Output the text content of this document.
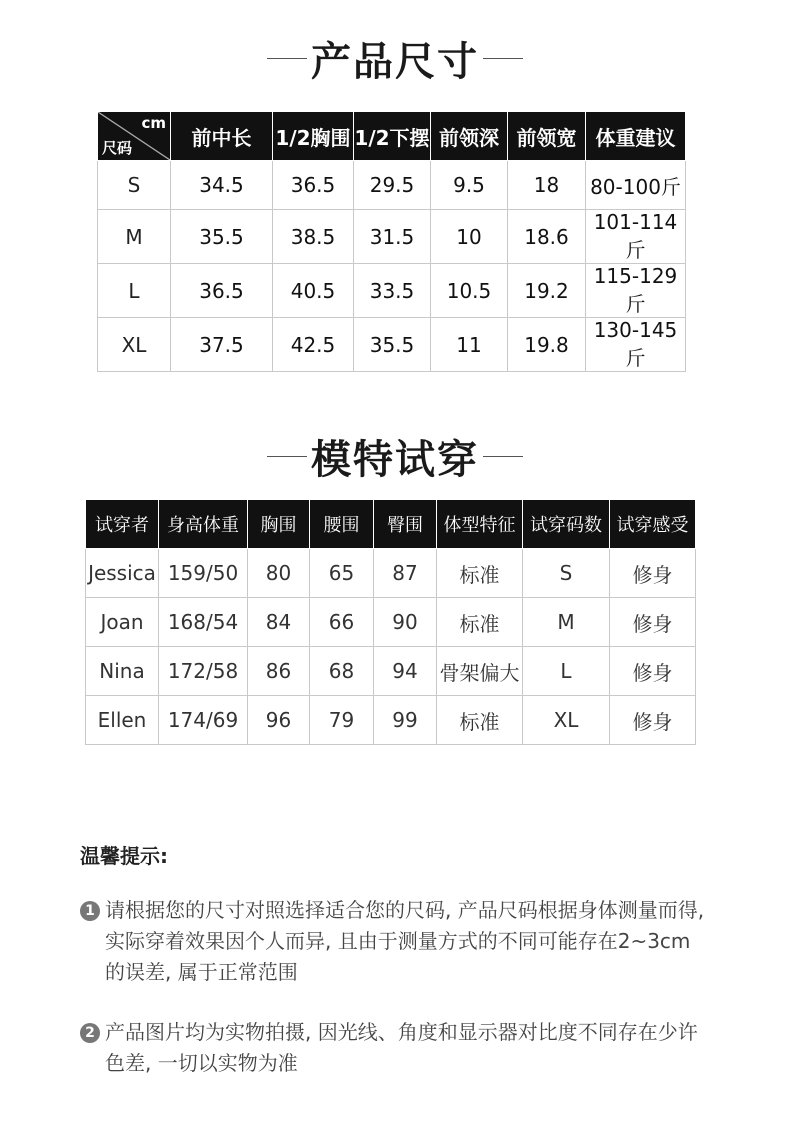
产品尺寸
cm
尺码	前中长	1/2胸围	1/2下摆	前领深	前领宽	体重建议
S	34.5	36.5	29.5	9.5	18	80-100斤
M	35.5	38.5	31.5	10	18.6	101-114斤
L	36.5	40.5	33.5	10.5	19.2	115-129斤
XL	37.5	42.5	35.5	11	19.8	130-145斤
模特试穿
试穿者	身高体重	胸围	腰围	臀围	体型特征	试穿码数	试穿感受
Jessica	159/50	80	65	87	标准	S	修身
Joan	168/54	84	66	90	标准	M	修身
Nina	172/58	86	68	94	骨架偏大	L	修身
Ellen	174/69	96	79	99	标准	XL	修身
温馨提示:
1 请根据您的尺寸对照选择适合您的尺码, 产品尺码根据身体测量而得, 实际穿着效果因个人而异, 且由于测量方式的不同可能存在2~3cm的误差, 属于正常范围
2 产品图片均为实物拍摄, 因光线、角度和显示器对比度不同存在少许色差, 一切以实物为准
